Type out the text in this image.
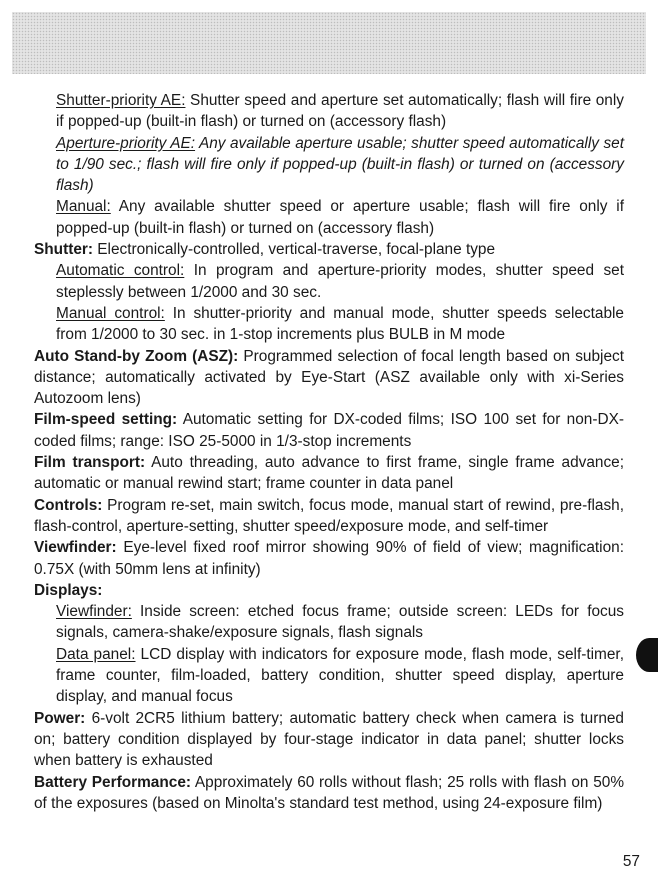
Shutter-priority AE: Shutter speed and aperture set automatically; flash will fire only if popped-up (built-in flash) or turned on (accessory flash)

Aperture-priority AE: Any available aperture usable; shutter speed automatically set to 1/90 sec.; flash will fire only if popped-up (built-in flash) or turned on (accessory flash)

Manual: Any available shutter speed or aperture usable; flash will fire only if popped-up (built-in flash) or turned on (accessory flash)

Shutter: Electronically-controlled, vertical-traverse, focal-plane type

Automatic control: In program and aperture-priority modes, shutter speed set steplessly between 1/2000 and 30 sec.

Manual control: In shutter-priority and manual mode, shutter speeds selectable from 1/2000 to 30 sec. in 1-stop increments plus BULB in M mode

Auto Stand-by Zoom (ASZ): Programmed selection of focal length based on subject distance; automatically activated by Eye-Start (ASZ available only with xi-Series Autozoom lens)

Film-speed setting: Automatic setting for DX-coded films; ISO 100 set for non-DX-coded films; range: ISO 25-5000 in 1/3-stop increments

Film transport: Auto threading, auto advance to first frame, single frame advance; automatic or manual rewind start; frame counter in data panel

Controls: Program re-set, main switch, focus mode, manual start of rewind, pre-flash, flash-control, aperture-setting, shutter speed/exposure mode, and self-timer

Viewfinder: Eye-level fixed roof mirror showing 90% of field of view; magnification: 0.75X (with 50mm lens at infinity)

Displays:

Viewfinder: Inside screen: etched focus frame; outside screen: LEDs for focus signals, camera-shake/exposure signals, flash signals

Data panel: LCD display with indicators for exposure mode, flash mode, self-timer, frame counter, film-loaded, battery condition, shutter speed display, aperture display, and manual focus

Power: 6-volt 2CR5 lithium battery; automatic battery check when camera is turned on; battery condition displayed by four-stage indicator in data panel; shutter locks when battery is exhausted

Battery Performance: Approximately 60 rolls without flash; 25 rolls with flash on 50% of the exposures (based on Minolta's standard test method, using 24-exposure film)

57
